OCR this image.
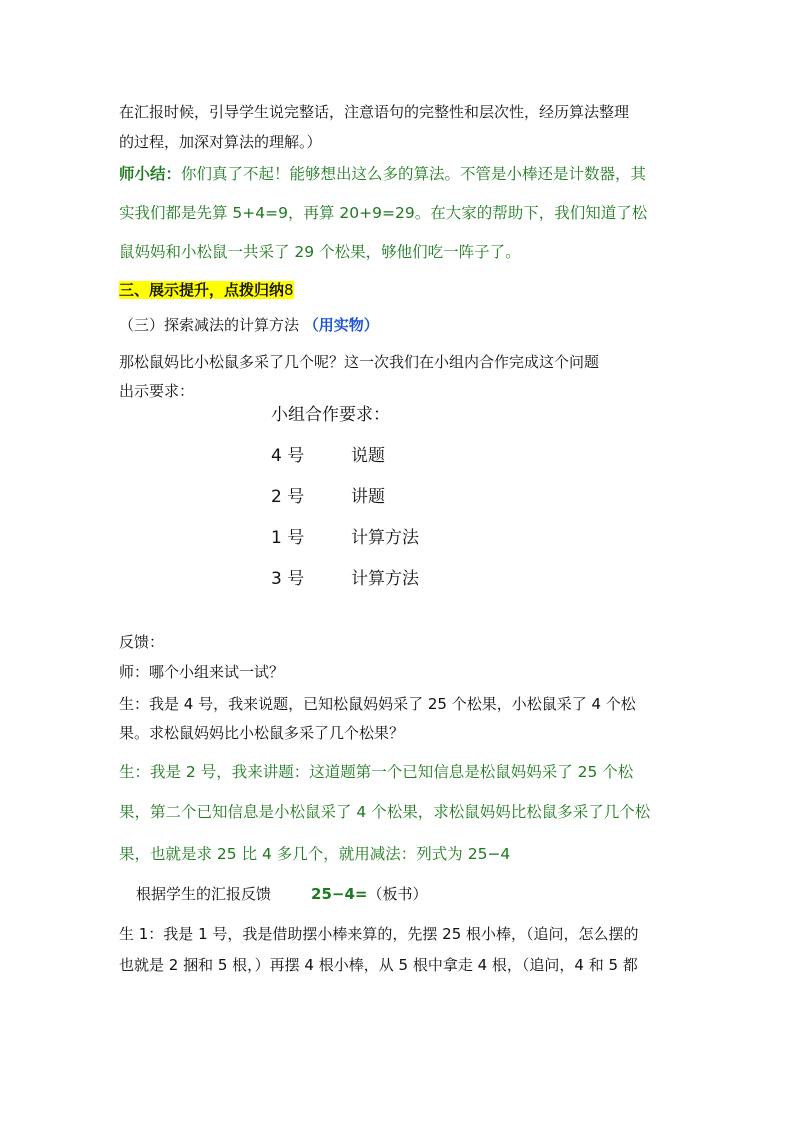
在汇报时候，引导学生说完整话，注意语句的完整性和层次性，经历算法整理
的过程，加深对算法的理解。）
师小结：你们真了不起！能够想出这么多的算法。不管是小棒还是计数器，其
实我们都是先算 5+4=9，再算 20+9=29。在大家的帮助下，我们知道了松
鼠妈妈和小松鼠一共采了 29 个松果，够他们吃一阵子了。
三、展示提升，点拨归纳8
（三）探索减法的计算方法 （用实物）
那松鼠妈比小松鼠多采了几个呢？这一次我们在小组内合作完成这个问题
出示要求：
小组合作要求：
4 号	说题
2 号	讲题
1 号	计算方法
3 号	计算方法
反馈：
师：哪个小组来试一试？
生：我是 4 号，我来说题，已知松鼠妈妈采了 25 个松果，小松鼠采了 4 个松
果。求松鼠妈妈比小松鼠多采了几个松果？
生：我是 2 号，我来讲题：这道题第一个已知信息是松鼠妈妈采了 25 个松
果，第二个已知信息是小松鼠采了 4 个松果，求松鼠妈妈比松鼠多采了几个松
果，也就是求 25 比 4 多几个，就用减法：列式为 25−4
根据学生的汇报反馈	25−4=（板书）
生 1：我是 1 号，我是借助摆小棒来算的，先摆 25 根小棒，（追问，怎么摆的
也就是 2 捆和 5 根，）再摆 4 根小棒，从 5 根中拿走 4 根，（追问，4 和 5 都
